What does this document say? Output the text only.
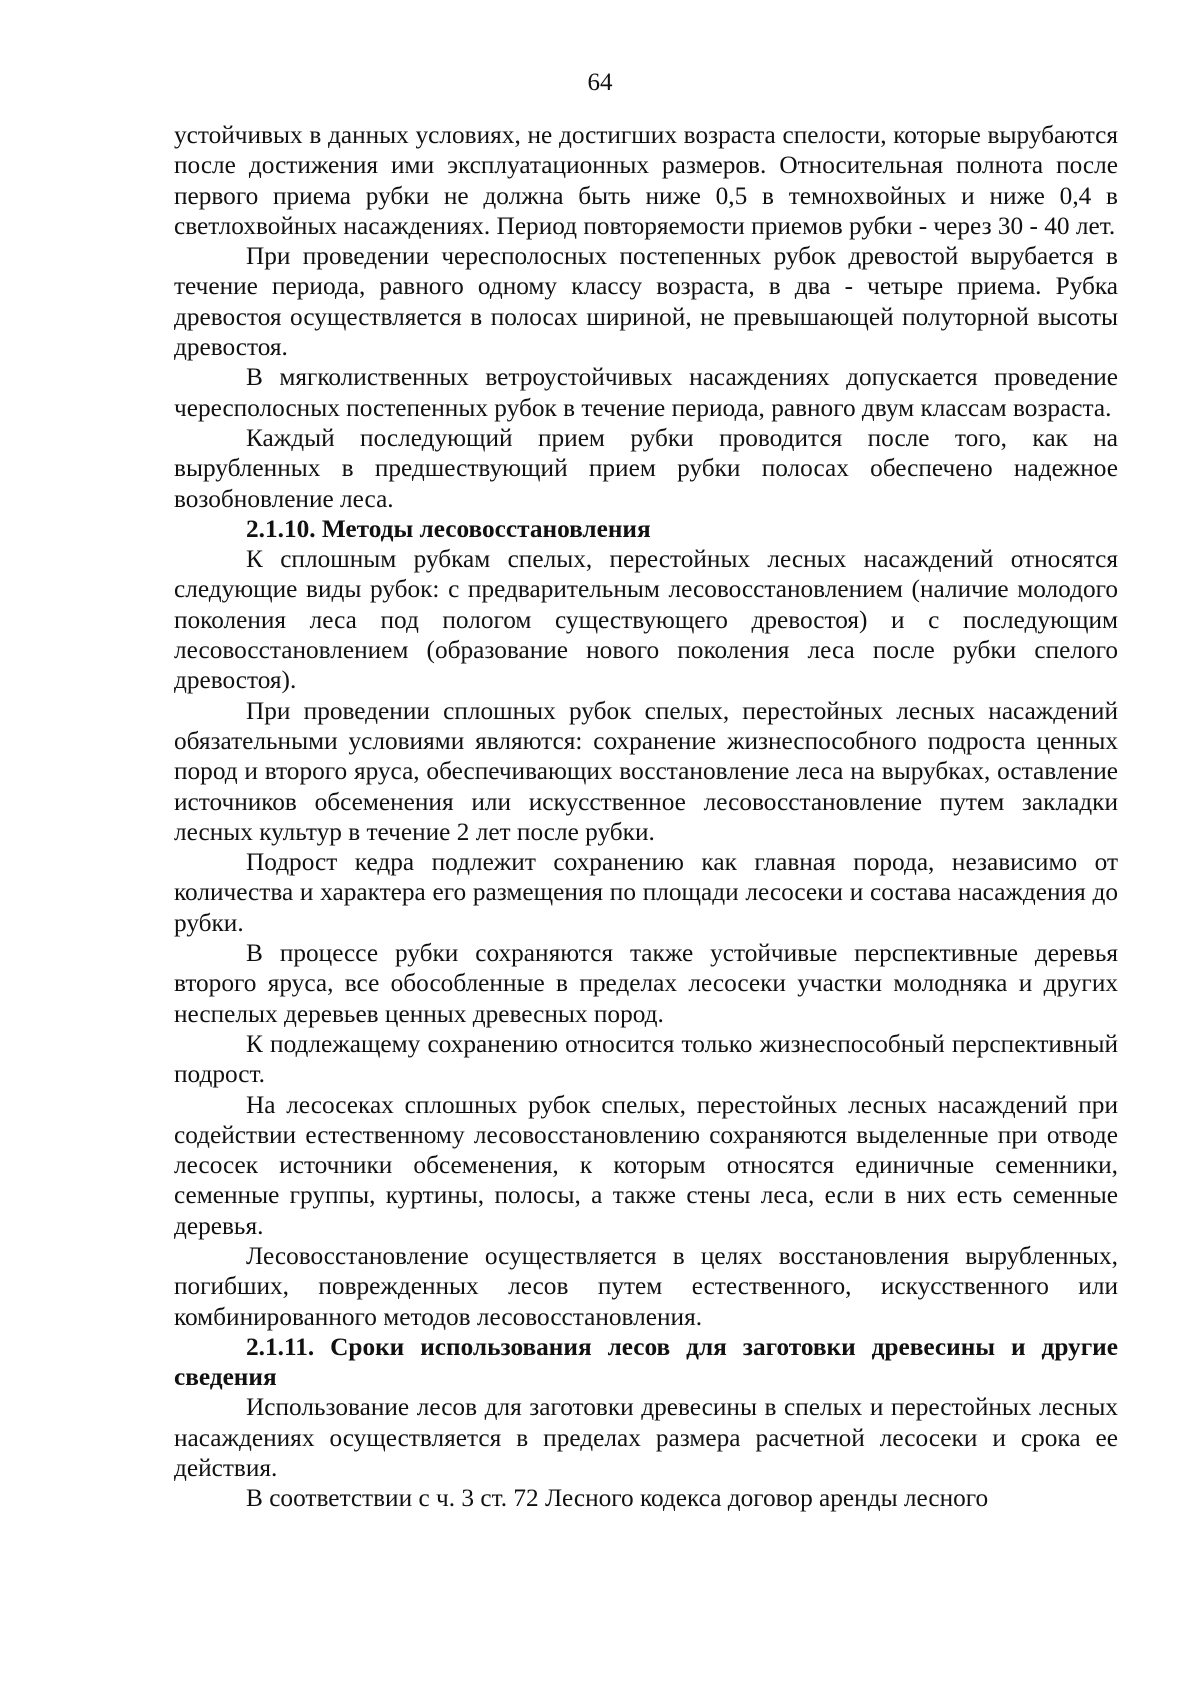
64

устойчивых в данных условиях, не достигших возраста спелости, которые вырубаются после достижения ими эксплуатационных размеров. Относительная полнота после первого приема рубки не должна быть ниже 0,5 в темнохвойных и ниже 0,4 в светлохвойных насаждениях. Период повторяемости приемов рубки - через 30 - 40 лет.

При проведении чересполосных постепенных рубок древостой вырубается в течение периода, равного одному классу возраста, в два - четыре приема. Рубка древостоя осуществляется в полосах шириной, не превышающей полуторной высоты древостоя.

В мягколиственных ветроустойчивых насаждениях допускается проведение чересполосных постепенных рубок в течение периода, равного двум классам возраста.

Каждый последующий прием рубки проводится после того, как на вырубленных в предшествующий прием рубки полосах обеспечено надежное возобновление леса.

2.1.10. Методы лесовосстановления

К сплошным рубкам спелых, перестойных лесных насаждений относятся следующие виды рубок: с предварительным лесовосстановлением (наличие молодого поколения леса под пологом существующего древостоя) и с последующим лесовосстановлением (образование нового поколения леса после рубки спелого древостоя).

При проведении сплошных рубок спелых, перестойных лесных насаждений обязательными условиями являются: сохранение жизнеспособного подроста ценных пород и второго яруса, обеспечивающих восстановление леса на вырубках, оставление источников обсеменения или искусственное лесовосстановление путем закладки лесных культур в течение 2 лет после рубки.

Подрост кедра подлежит сохранению как главная порода, независимо от количества и характера его размещения по площади лесосеки и состава насаждения до рубки.

В процессе рубки сохраняются также устойчивые перспективные деревья второго яруса, все обособленные в пределах лесосеки участки молодняка и других неспелых деревьев ценных древесных пород.

К подлежащему сохранению относится только жизнеспособный перспективный подрост.

На лесосеках сплошных рубок спелых, перестойных лесных насаждений при содействии естественному лесовосстановлению сохраняются выделенные при отводе лесосек источники обсеменения, к которым относятся единичные семенники, семенные группы, куртины, полосы, а также стены леса, если в них есть семенные деревья.

Лесовосстановление осуществляется в целях восстановления вырубленных, погибших, поврежденных лесов путем естественного, искусственного или комбинированного методов лесовосстановления.

2.1.11. Сроки использования лесов для заготовки древесины и другие сведения

Использование лесов для заготовки древесины в спелых и перестойных лесных насаждениях осуществляется в пределах размера расчетной лесосеки и срока ее действия.

В соответствии с ч. 3 ст. 72 Лесного кодекса договор аренды лесного
